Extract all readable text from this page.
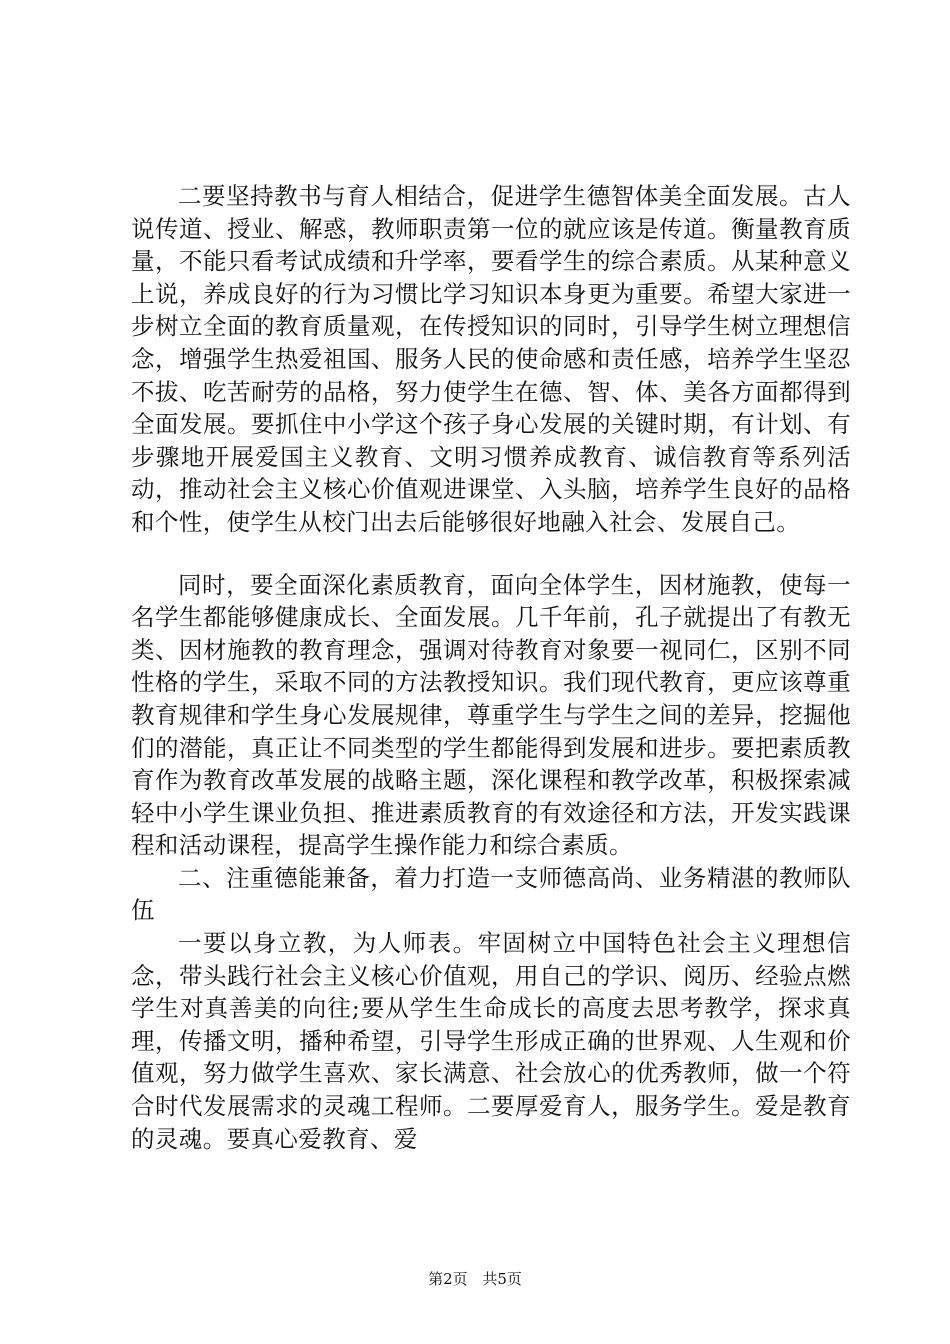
二要坚持教书与育人相结合，促进学生德智体美全面发展。古人说传道、授业、解惑，教师职责第一位的就应该是传道。衡量教育质量，不能只看考试成绩和升学率，要看学生的综合素质。从某种意义上说，养成良好的行为习惯比学习知识本身更为重要。希望大家进一步树立全面的教育质量观，在传授知识的同时，引导学生树立理想信念，增强学生热爱祖国、服务人民的使命感和责任感，培养学生坚忍不拔、吃苦耐劳的品格，努力使学生在德、智、体、美各方面都得到全面发展。要抓住中小学这个孩子身心发展的关键时期，有计划、有步骤地开展爱国主义教育、文明习惯养成教育、诚信教育等系列活动，推动社会主义核心价值观进课堂、入头脑，培养学生良好的品格和个性，使学生从校门出去后能够很好地融入社会、发展自己。

同时，要全面深化素质教育，面向全体学生，因材施教，使每一名学生都能够健康成长、全面发展。几千年前，孔子就提出了有教无类、因材施教的教育理念，强调对待教育对象要一视同仁，区别不同性格的学生，采取不同的方法教授知识。我们现代教育，更应该尊重教育规律和学生身心发展规律，尊重学生与学生之间的差异，挖掘他们的潜能，真正让不同类型的学生都能得到发展和进步。要把素质教育作为教育改革发展的战略主题，深化课程和教学改革，积极探索减轻中小学生课业负担、推进素质教育的有效途径和方法，开发实践课程和活动课程，提高学生操作能力和综合素质。

二、注重德能兼备，着力打造一支师德高尚、业务精湛的教师队伍

一要以身立教，为人师表。牢固树立中国特色社会主义理想信念，带头践行社会主义核心价值观，用自己的学识、阅历、经验点燃学生对真善美的向往;要从学生生命成长的高度去思考教学，探求真理，传播文明，播种希望，引导学生形成正确的世界观、人生观和价值观，努力做学生喜欢、家长满意、社会放心的优秀教师，做一个符合时代发展需求的灵魂工程师。二要厚爱育人，服务学生。爱是教育的灵魂。要真心爱教育、爱

第2页 共5页
